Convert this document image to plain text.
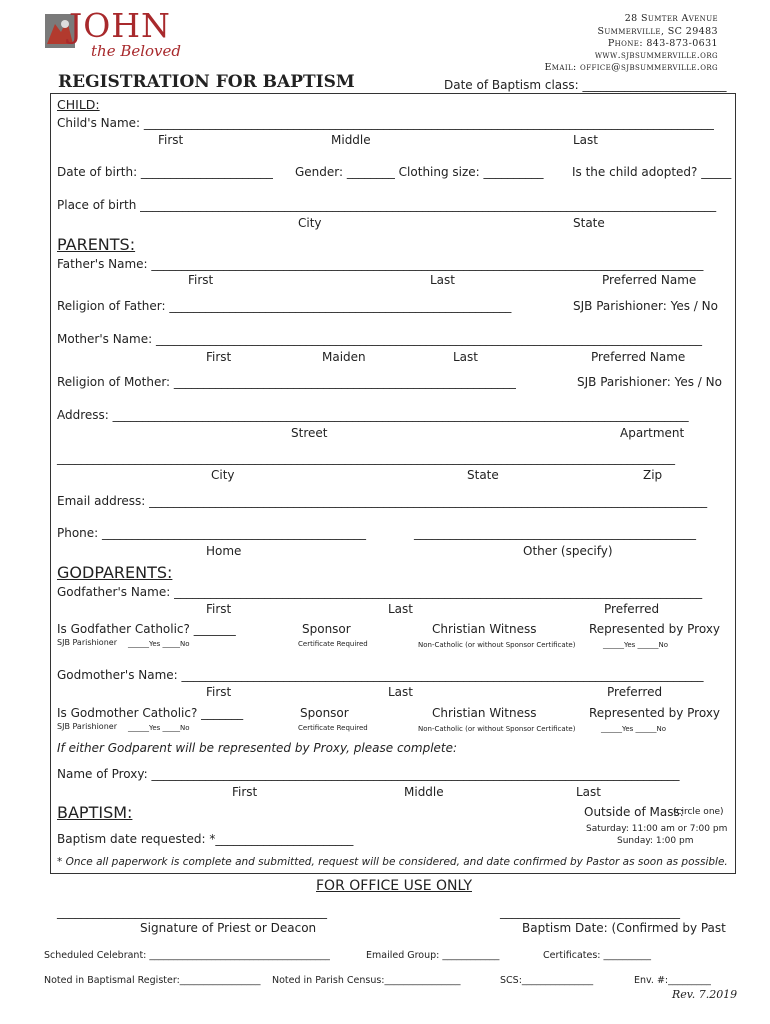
JOHN
the Beloved
28 Sumter Avenue
Summerville, SC 29483
Phone: 843-873-0631
www.sjbsummerville.org
Email: office@sjbsummerville.org
REGISTRATION FOR BAPTISM	Date of Baptism class: ________________________
CHILD:
Child's Name: _______________________________________________________________________________________________
First	Middle	Last
Date of birth: ______________________ Gender: ________ Clothing size: __________ Is the child adopted? _____
Place of birth ________________________________________________________________________________________________
City	State
PARENTS:
Father's Name: ____________________________________________________________________________________________
First	Last	Preferred Name
Religion of Father: _________________________________________________________	SJB Parishioner: Yes / No
Mother's Name: ___________________________________________________________________________________________
First	Maiden	Last	Preferred Name
Religion of Mother: _________________________________________________________	SJB Parishioner: Yes / No
Address: ________________________________________________________________________________________________
Street	Apartment
_______________________________________________________________________________________________________
City	State	Zip
Email address: _____________________________________________________________________________________________
Phone: ____________________________________________	_______________________________________________
Home	Other (specify)
GODPARENTS:
Godfather's Name: ________________________________________________________________________________________
First	Last	Preferred
Is Godfather Catholic? _______	Sponsor	Christian Witness	Represented by Proxy
SJB Parishioner ______Yes _____No	Certificate Required	Non-Catholic (or without Sponsor Certificate)	______Yes ______No
Godmother's Name: _______________________________________________________________________________________
First	Last	Preferred
Is Godmother Catholic? _______	Sponsor	Christian Witness	Represented by Proxy
SJB Parishioner ______Yes _____No	Certificate Required	Non-Catholic (or without Sponsor Certificate)	______Yes ______No
If either Godparent will be represented by Proxy, please complete:
Name of Proxy: ________________________________________________________________________________________
First	Middle	Last
BAPTISM:	Outside of Mass:
(circle one)
Baptism date requested: *_______________________
Saturday: 11:00 am or 7:00 pm
Sunday: 1:00 pm
* Once all paperwork is complete and submitted, request will be considered, and date confirmed by Pastor as soon as possible.
FOR OFFICE USE ONLY
_____________________________________________	______________________________
Signature of Priest or Deacon	Baptism Date: (Confirmed by Past
Scheduled Celebrant: ______________________________________	Emailed Group: ____________	Certificates: __________
Noted in Baptismal Register:_________________ Noted in Parish Census:________________	SCS:_______________	Env. #:_________
Rev. 7.2019
